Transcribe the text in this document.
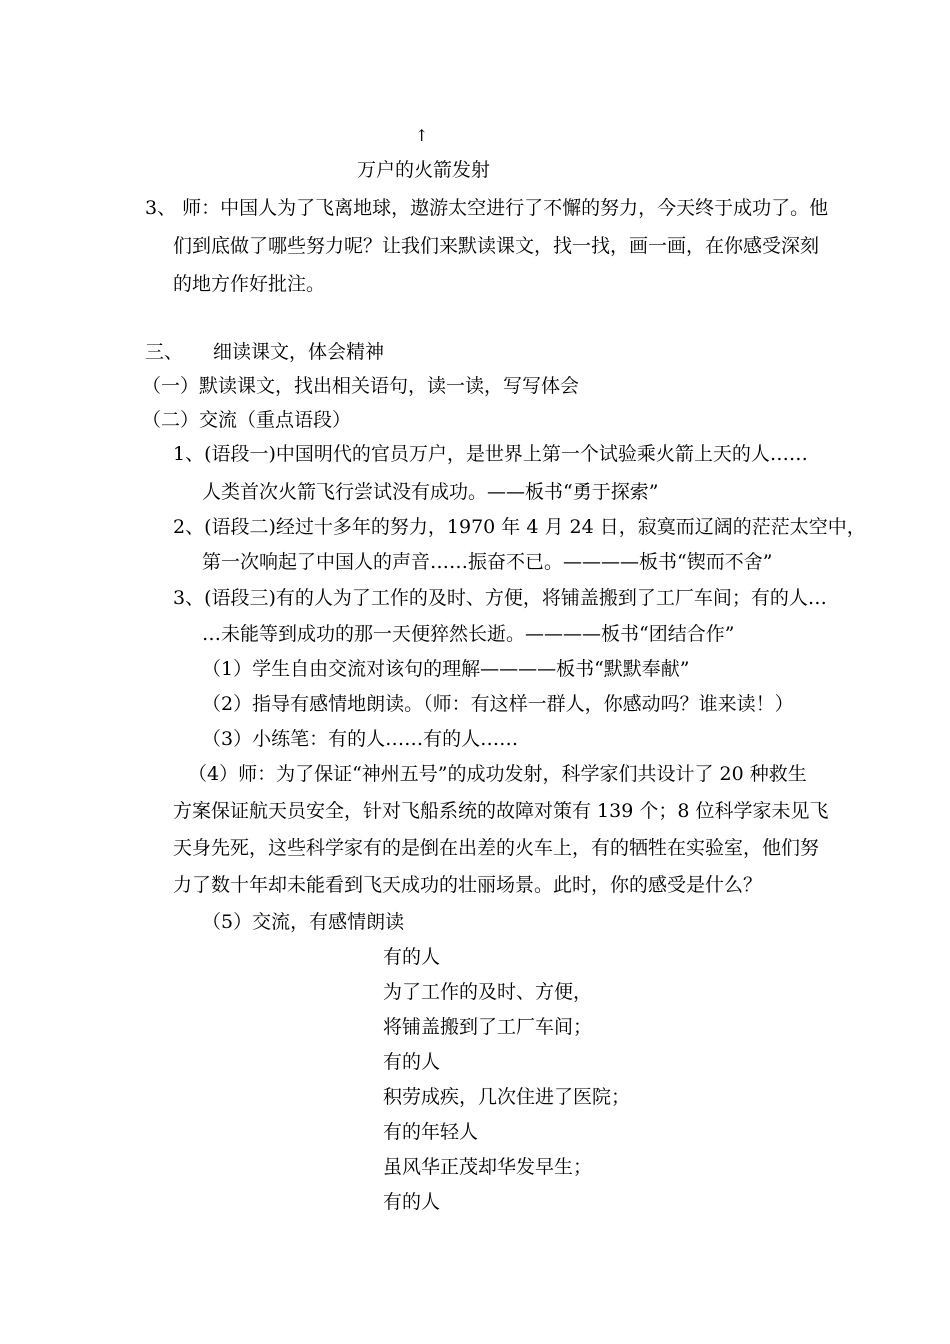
↑
万户的火箭发射
3、 师：中国人为了飞离地球，遨游太空进行了不懈的努力，今天终于成功了。他
们到底做了哪些努力呢？让我们来默读课文，找一找，画一画，在你感受深刻
的地方作好批注。
三、 细读课文，体会精神
（一）默读课文，找出相关语句，读一读，写写体会
（二）交流（重点语段）
1、(语段一)中国明代的官员万户，是世界上第一个试验乘火箭上天的人……
人类首次火箭飞行尝试没有成功。——板书“勇于探索”
2、(语段二)经过十多年的努力，1970 年 4 月 24 日，寂寞而辽阔的茫茫太空中，
第一次响起了中国人的声音……振奋不已。————板书“锲而不舍”
3、(语段三)有的人为了工作的及时、方便，将铺盖搬到了工厂车间；有的人…
…未能等到成功的那一天便猝然长逝。————板书“团结合作”
（1）学生自由交流对该句的理解————板书“默默奉献”
（2）指导有感情地朗读。（师：有这样一群人，你感动吗？谁来读！）
（3）小练笔：有的人……有的人……
（4）师：为了保证“神州五号”的成功发射，科学家们共设计了 20 种救生
方案保证航天员安全，针对飞船系统的故障对策有 139 个；8 位科学家未见飞
天身先死，这些科学家有的是倒在出差的火车上，有的牺牲在实验室，他们努
力了数十年却未能看到飞天成功的壮丽场景。此时，你的感受是什么？
（5）交流，有感情朗读
有的人
为了工作的及时、方便，
将铺盖搬到了工厂车间；
有的人
积劳成疾，几次住进了医院；
有的年轻人
虽风华正茂却华发早生；
有的人
